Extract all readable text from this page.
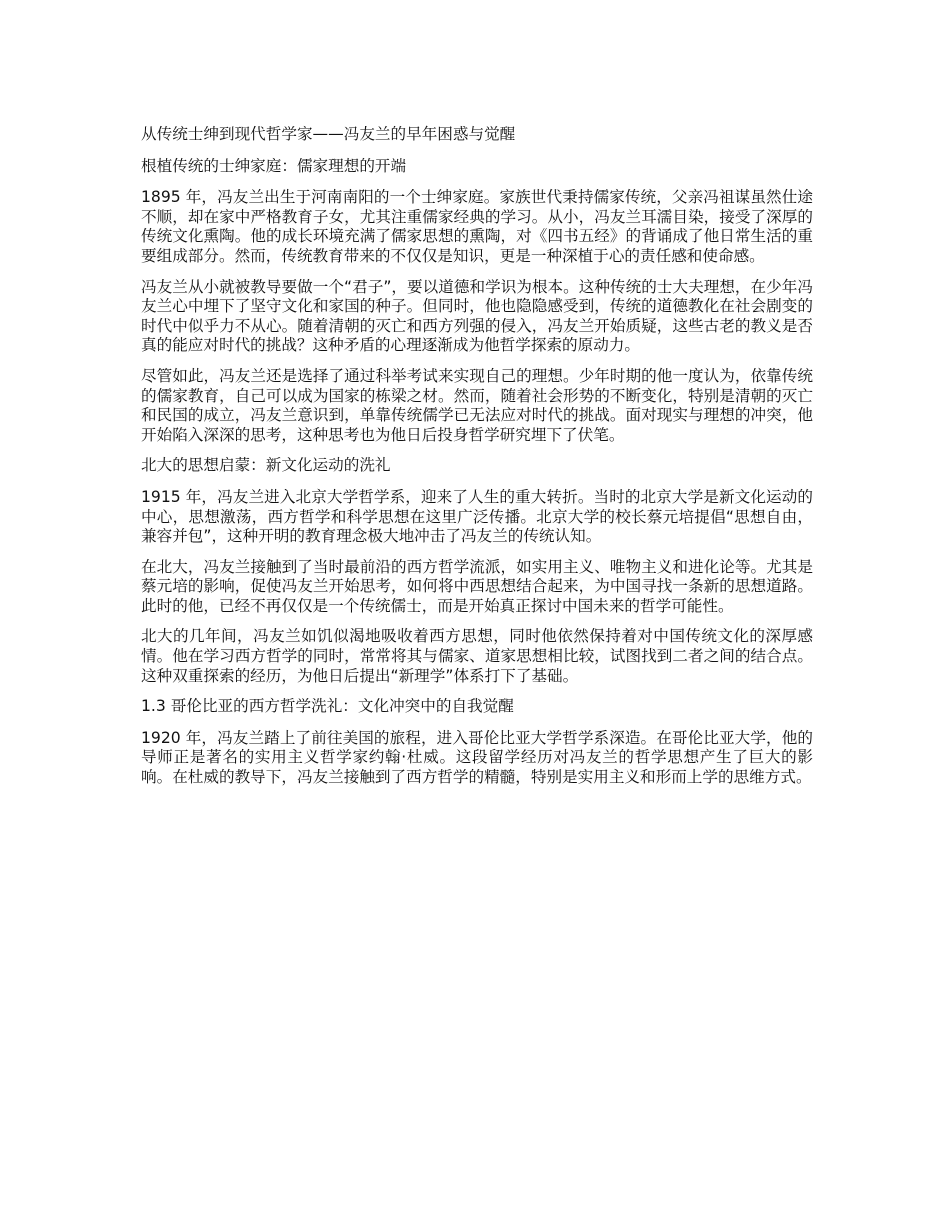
从传统士绅到现代哲学家——冯友兰的早年困惑与觉醒
根植传统的士绅家庭：儒家理想的开端

1895 年，冯友兰出生于河南南阳的一个士绅家庭。家族世代秉持儒家传统，父亲冯祖谋虽然仕途不顺，却在家中严格教育子女，尤其注重儒家经典的学习。从小，冯友兰耳濡目染，接受了深厚的传统文化熏陶。他的成长环境充满了儒家思想的熏陶，对《四书五经》的背诵成了他日常生活的重要组成部分。然而，传统教育带来的不仅仅是知识，更是一种深植于心的责任感和使命感。

冯友兰从小就被教导要做一个“君子”，要以道德和学识为根本。这种传统的士大夫理想，在少年冯友兰心中埋下了坚守文化和家国的种子。但同时，他也隐隐感受到，传统的道德教化在社会剧变的时代中似乎力不从心。随着清朝的灭亡和西方列强的侵入，冯友兰开始质疑，这些古老的教义是否真的能应对时代的挑战？这种矛盾的心理逐渐成为他哲学探索的原动力。

尽管如此，冯友兰还是选择了通过科举考试来实现自己的理想。少年时期的他一度认为，依靠传统的儒家教育，自己可以成为国家的栋梁之材。然而，随着社会形势的不断变化，特别是清朝的灭亡和民国的成立，冯友兰意识到，单靠传统儒学已无法应对时代的挑战。面对现实与理想的冲突，他开始陷入深深的思考，这种思考也为他日后投身哲学研究埋下了伏笔。

北大的思想启蒙：新文化运动的洗礼

1915 年，冯友兰进入北京大学哲学系，迎来了人生的重大转折。当时的北京大学是新文化运动的中心，思想激荡，西方哲学和科学思想在这里广泛传播。北京大学的校长蔡元培提倡“思想自由，兼容并包”，这种开明的教育理念极大地冲击了冯友兰的传统认知。

在北大，冯友兰接触到了当时最前沿的西方哲学流派，如实用主义、唯物主义和进化论等。尤其是蔡元培的影响，促使冯友兰开始思考，如何将中西思想结合起来，为中国寻找一条新的思想道路。此时的他，已经不再仅仅是一个传统儒士，而是开始真正探讨中国未来的哲学可能性。

北大的几年间，冯友兰如饥似渴地吸收着西方思想，同时他依然保持着对中国传统文化的深厚感情。他在学习西方哲学的同时，常常将其与儒家、道家思想相比较，试图找到二者之间的结合点。这种双重探索的经历，为他日后提出“新理学”体系打下了基础。

1.3 哥伦比亚的西方哲学洗礼：文化冲突中的自我觉醒

1920 年，冯友兰踏上了前往美国的旅程，进入哥伦比亚大学哲学系深造。在哥伦比亚大学，他的导师正是著名的实用主义哲学家约翰·杜威。这段留学经历对冯友兰的哲学思想产生了巨大的影响。在杜威的教导下，冯友兰接触到了西方哲学的精髓，特别是实用主义和形而上学的思维方式。
